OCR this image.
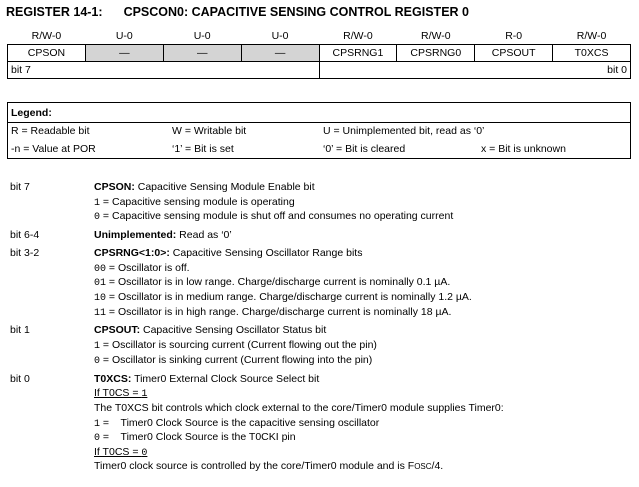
REGISTER 14-1: CPSCON0: CAPACITIVE SENSING CONTROL REGISTER 0
R/W-0	U-0	U-0	U-0	R/W-0	R/W-0	R-0	R/W-0
CPSON	—	—	—	CPSRNG1	CPSRNG0	CPSOUT	T0XCS

bit 7				bit 0			
Legend:
R = Readable bit	W = Writable bit	U = Unimplemented bit, read as ‘0’
-n = Value at POR	‘1’ = Bit is set	‘0’ = Bit is cleared	x = Bit is unknown
bit 7	CPSON: Capacitive Sensing Module Enable bit
1 = Capacitive sensing module is operating
0 = Capacitive sensing module is shut off and consumes no operating current
bit 6-4	Unimplemented: Read as ‘0’
bit 3-2	CPSRNG<1:0>: Capacitive Sensing Oscillator Range bits
00 = Oscillator is off.
01 = Oscillator is in low range. Charge/discharge current is nominally 0.1 µA.
10 = Oscillator is in medium range. Charge/discharge current is nominally 1.2 µA.
11 = Oscillator is in high range. Charge/discharge current is nominally 18 µA.
bit 1	CPSOUT: Capacitive Sensing Oscillator Status bit
1 = Oscillator is sourcing current (Current flowing out the pin)
0 = Oscillator is sinking current (Current flowing into the pin)
bit 0	T0XCS: Timer0 External Clock Source Select bit
If T0CS = 1
The T0XCS bit controls which clock external to the core/Timer0 module supplies Timer0:
1 =    Timer0 Clock Source is the capacitive sensing oscillator
0 =    Timer0 Clock Source is the T0CKI pin
If T0CS = 0
Timer0 clock source is controlled by the core/Timer0 module and is FOSC/4.
